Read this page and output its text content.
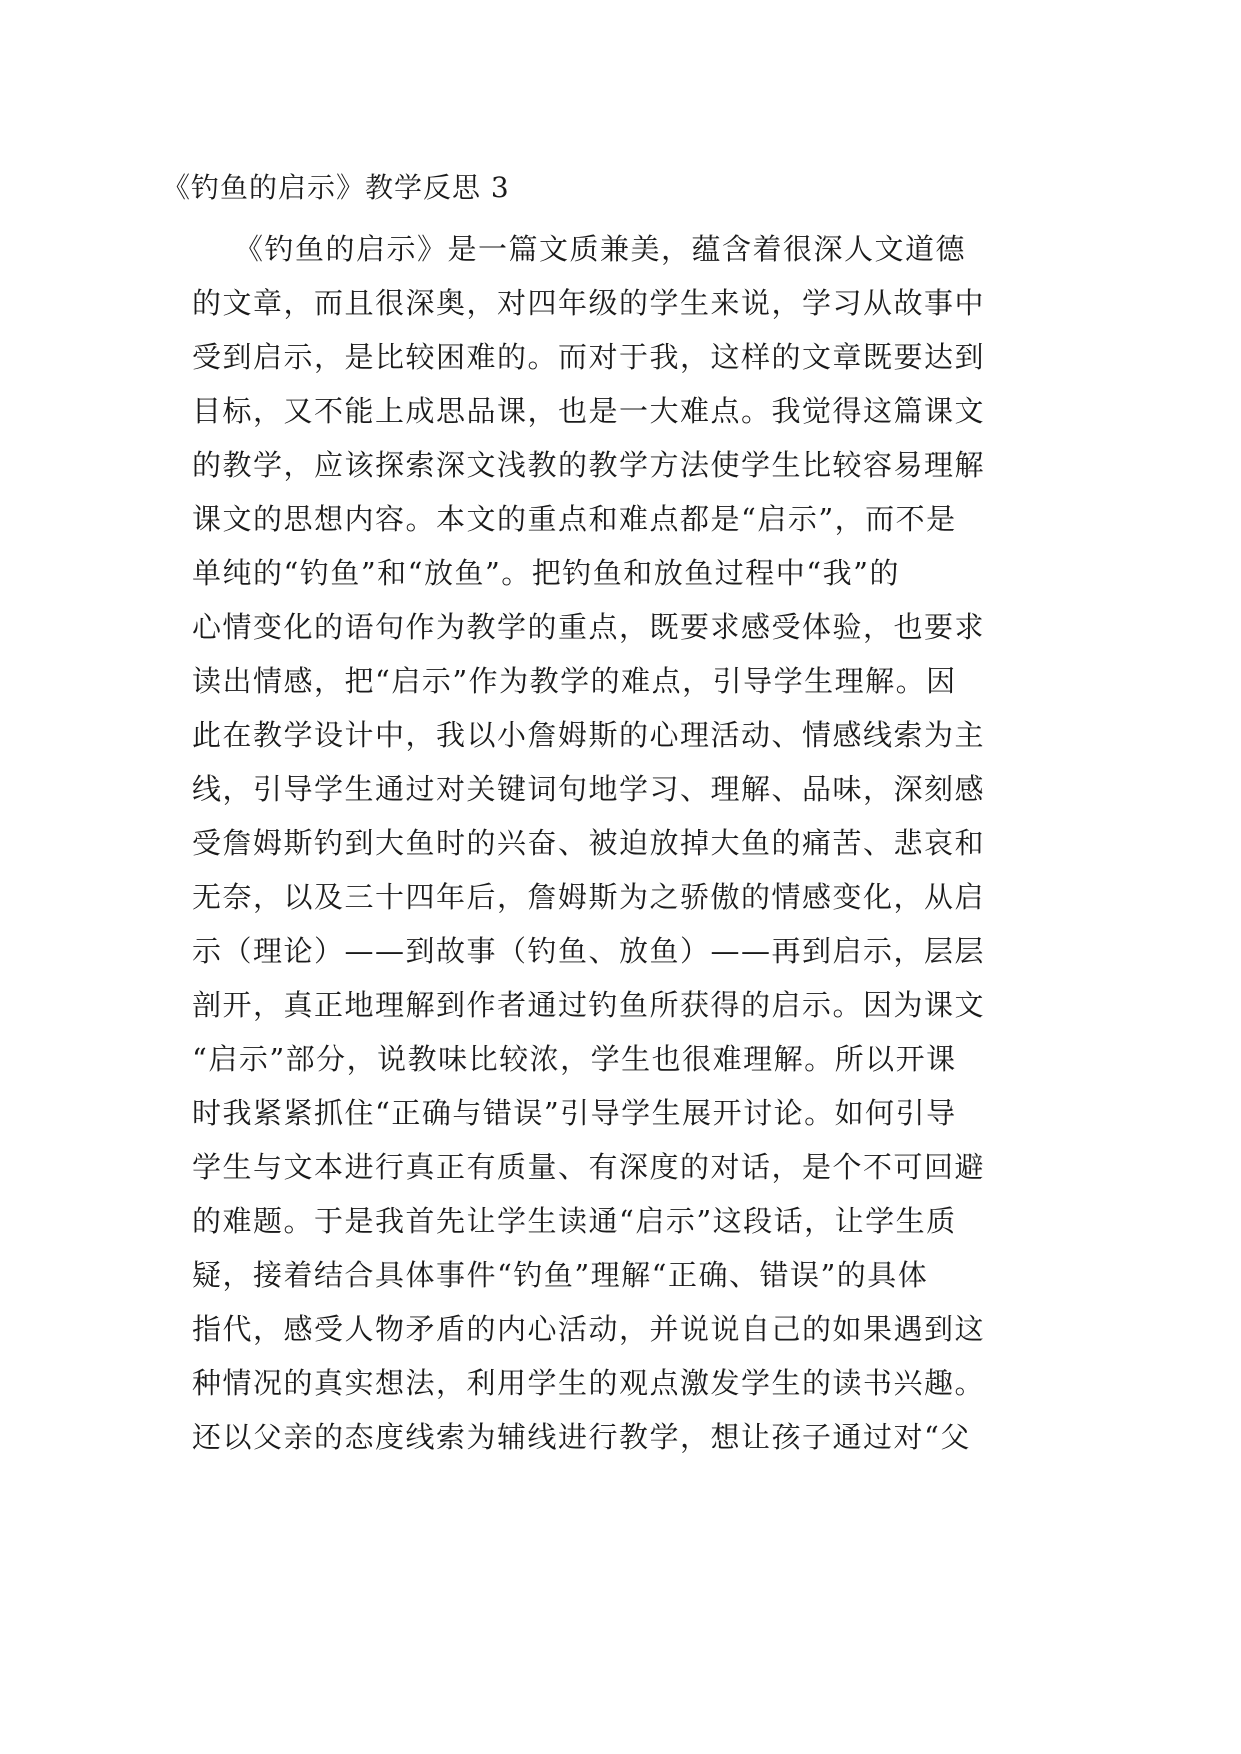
《钓鱼的启示》教学反思 3
《钓鱼的启示》是一篇文质兼美，蕴含着很深人文道德
的文章，而且很深奥，对四年级的学生来说，学习从故事中
受到启示，是比较困难的。而对于我，这样的文章既要达到
目标，又不能上成思品课，也是一大难点。我觉得这篇课文
的教学，应该探索深文浅教的教学方法使学生比较容易理解
课文的思想内容。本文的重点和难点都是“启示”，而不是
单纯的“钓鱼”和“放鱼”。把钓鱼和放鱼过程中“我”的
心情变化的语句作为教学的重点，既要求感受体验，也要求
读出情感，把“启示”作为教学的难点，引导学生理解。因
此在教学设计中，我以小詹姆斯的心理活动、情感线索为主
线，引导学生通过对关键词句地学习、理解、品味，深刻感
受詹姆斯钓到大鱼时的兴奋、被迫放掉大鱼的痛苦、悲哀和
无奈，以及三十四年后，詹姆斯为之骄傲的情感变化，从启
示（理论）——到故事（钓鱼、放鱼）——再到启示，层层
剖开，真正地理解到作者通过钓鱼所获得的启示。因为课文
“启示”部分，说教味比较浓，学生也很难理解。所以开课
时我紧紧抓住“正确与错误”引导学生展开讨论。如何引导
学生与文本进行真正有质量、有深度的对话，是个不可回避
的难题。于是我首先让学生读通“启示”这段话，让学生质
疑，接着结合具体事件“钓鱼”理解“正确、错误”的具体
指代，感受人物矛盾的内心活动，并说说自己的如果遇到这
种情况的真实想法，利用学生的观点激发学生的读书兴趣。
还以父亲的态度线索为辅线进行教学，想让孩子通过对“父
